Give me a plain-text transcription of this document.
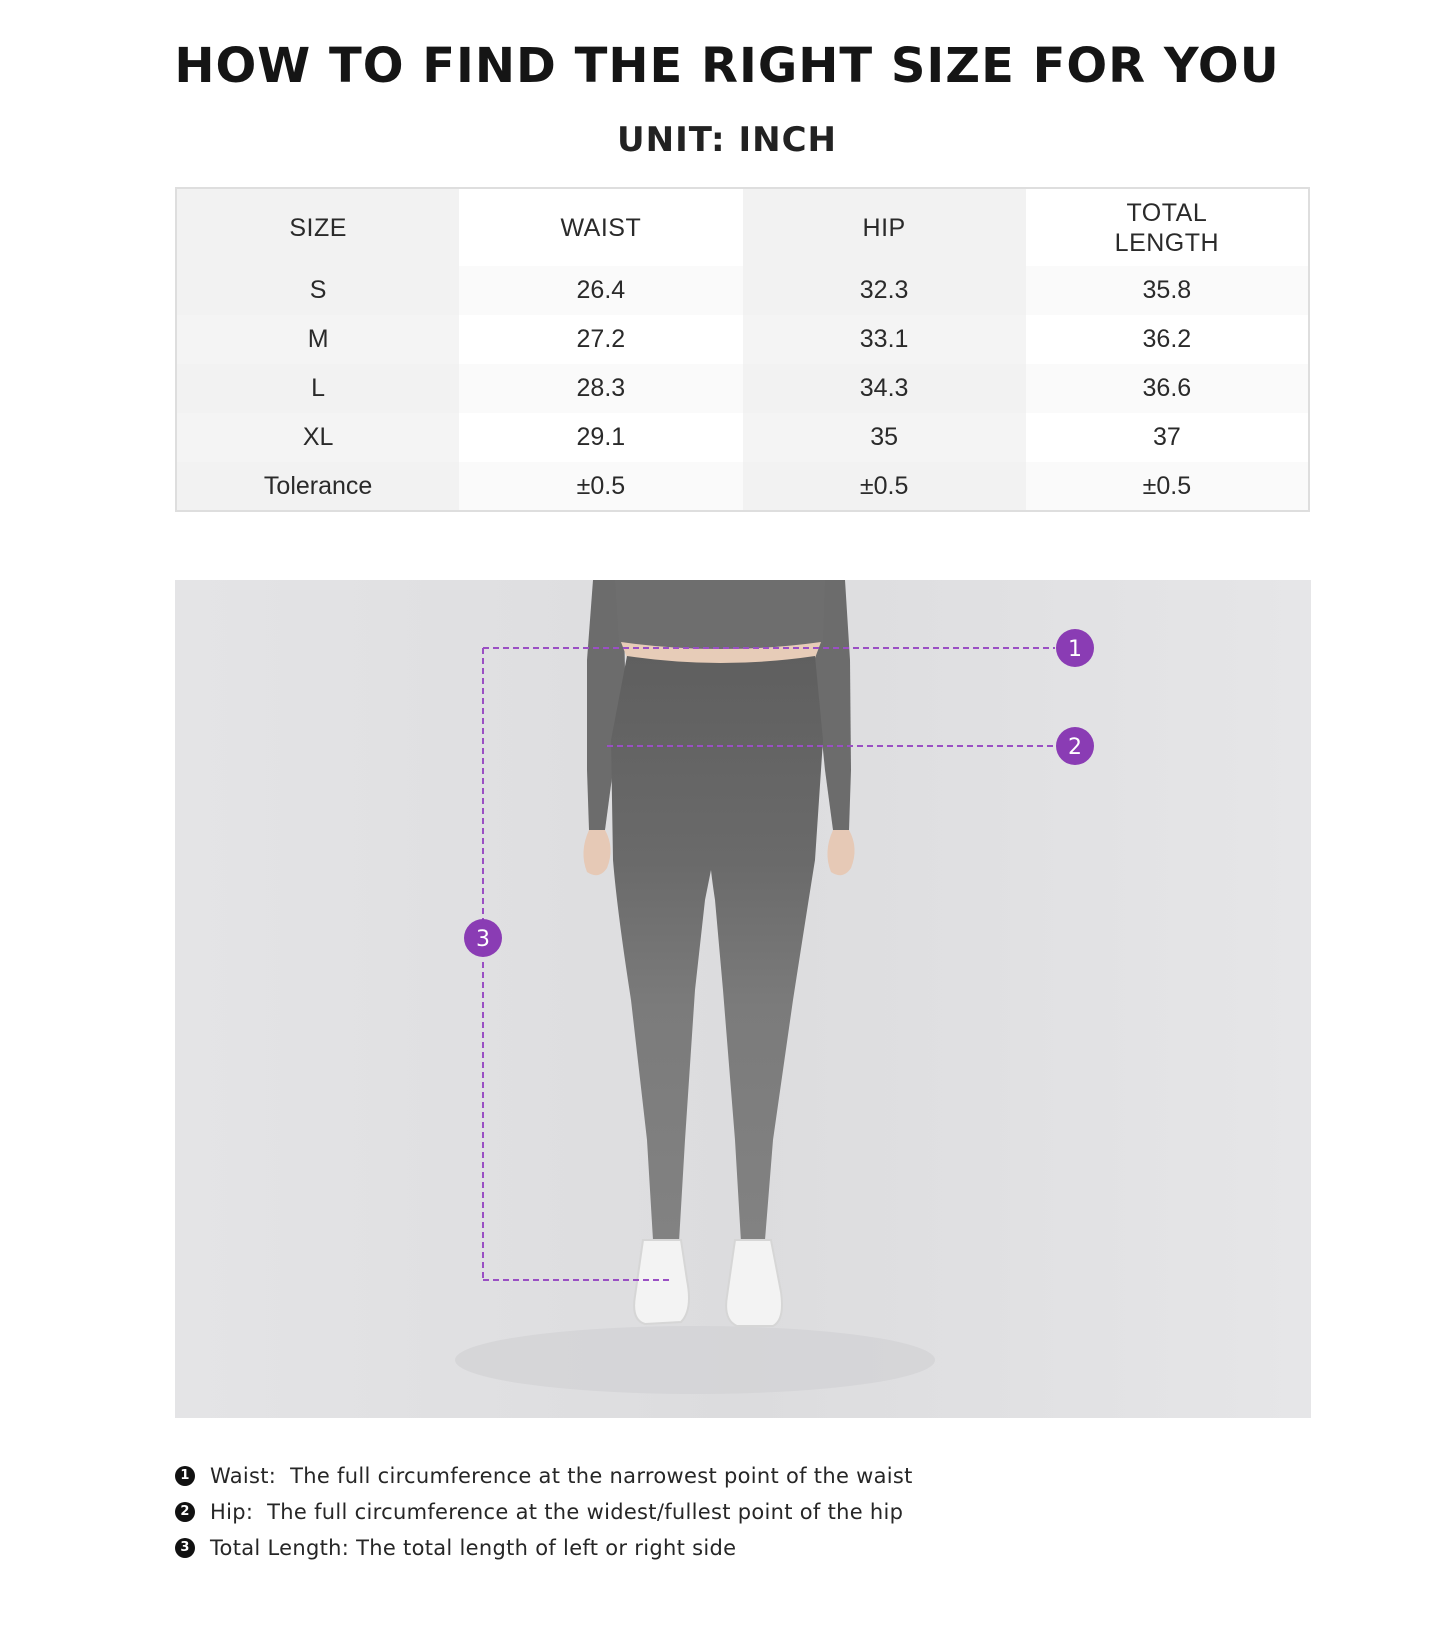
HOW TO FIND THE RIGHT SIZE FOR YOU
UNIT: INCH
SIZE	WAIST	HIP	TOTAL
LENGTH
S	26.4	32.3	35.8
M	27.2	33.1	36.2
L	28.3	34.3	36.6
XL	29.1	35	37
Tolerance	±0.5	±0.5	±0.5
1
2
3
1 Waist:  The full circumference at the narrowest point of the waist
2 Hip:  The full circumference at the widest/fullest point of the hip
3 Total Length: The total length of left or right side
